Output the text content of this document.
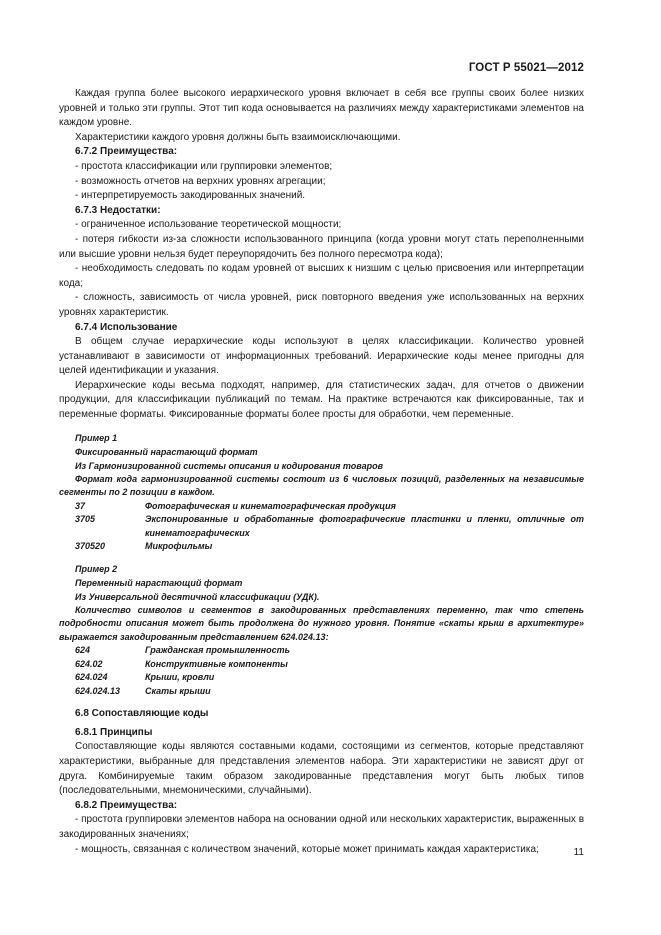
ГОСТ Р 55021—2012

Каждая группа более высокого иерархического уровня включает в себя все группы своих более низких уровней и только эти группы. Этот тип кода основывается на различиях между характеристиками элементов на каждом уровне.

Характеристики каждого уровня должны быть взаимоисключающими.

6.7.2 Преимущества:

- простота классификации или группировки элементов;

- возможность отчетов на верхних уровнях агрегации;

- интерпретируемость закодированных значений.

6.7.3 Недостатки:

- ограниченное использование теоретической мощности;

- потеря гибкости из-за сложности использованного принципа (когда уровни могут стать переполненными или высшие уровни нельзя будет переупорядочить без полного пересмотра кода);

- необходимость следовать по кодам уровней от высших к низшим с целью присвоения или интерпретации кода;

- сложность, зависимость от числа уровней, риск повторного введения уже использованных на верхних уровнях характеристик.

6.7.4 Использование

В общем случае иерархические коды используют в целях классификации. Количество уровней устанавливают в зависимости от информационных требований. Иерархические коды менее пригодны для целей идентификации и указания.

Иерархические коды весьма подходят, например, для статистических задач, для отчетов о движении продукции, для классификации публикаций по темам. На практике встречаются как фиксированные, так и переменные форматы. Фиксированные форматы более просты для обработки, чем переменные.

Пример 1

Фиксированный нарастающий формат

Из Гармонизированной системы описания и кодирования товаров

Формат кода гармонизированной системы состоит из 6 числовых позиций, разделенных на независимые сегменты по 2 позиции в каждом.

37	Фотографическая и кинематографическая продукция
3705	Экспонированные и обработанные фотографические пластинки и пленки, отличные от кинематографических
370520	Микрофильмы

Пример 2

Переменный нарастающий формат

Из Универсальной десятичной классификации (УДК).

Количество символов и сегментов в закодированных представлениях переменно, так что степень подробности описания может быть продолжена до нужного уровня. Понятие «скаты крыш в архитектуре» выражается закодированным представлением 624.024.13:

624	Гражданская промышленность
624.02	Конструктивные компоненты
624.024	Крыши, кровли
624.024.13	Скаты крыши

6.8 Сопоставляющие коды

6.8.1 Принципы

Сопоставляющие коды являются составными кодами, состоящими из сегментов, которые представляют характеристики, выбранные для представления элементов набора. Эти характеристики не зависят друг от друга. Комбинируемые таким образом закодированные представления могут быть любых типов (последовательными, мнемоническими, случайными).

6.8.2 Преимущества:

- простота группировки элементов набора на основании одной или нескольких характеристик, выраженных в закодированных значениях;

- мощность, связанная с количеством значений, которые может принимать каждая характеристика;	11
